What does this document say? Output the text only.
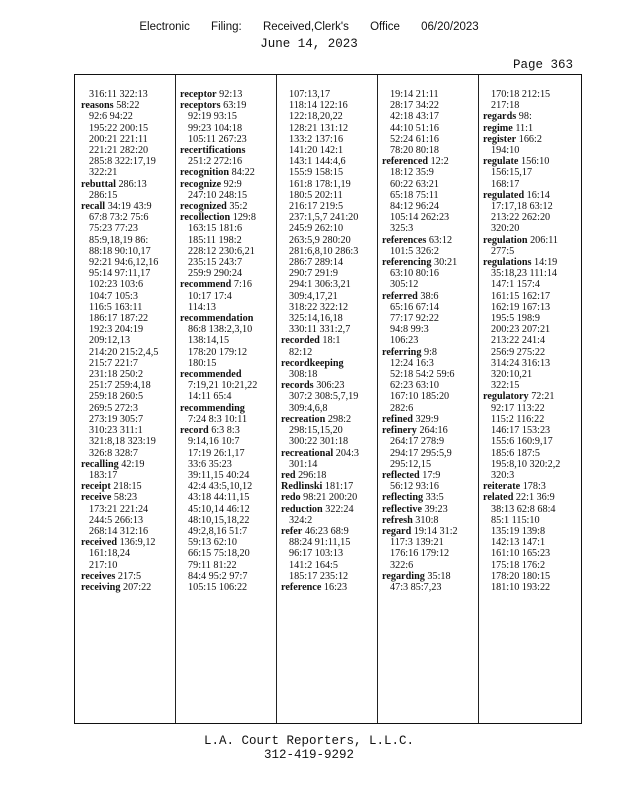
Electronic Filing: Received,Clerk's Office 06/20/2023
June 14, 2023
Page 363
316:11 322:13
reasons 58:22
92:6 94:22
195:22 200:15
200:21 221:11
221:21 282:20
285:8 322:17,19
322:21
rebuttal 286:13
286:15
recall 34:19 43:9
67:8 73:2 75:6
75:23 77:23
85:9,18,19 86:
88:18 90:10,17
92:21 94:6,12,16
95:14 97:11,17
102:23 103:6
104:7 105:3
116:5 163:11
186:17 187:22
192:3 204:19
209:12,13
214:20 215:2,4,5
215:7 221:7
231:18 250:2
251:7 259:4,18
259:18 260:5
269:5 272:3
273:19 305:7
310:23 311:1
321:8,18 323:19
326:8 328:7
recalling 42:19
183:17
receipt 218:15
receive 58:23
173:21 221:24
244:5 266:13
268:14 312:16
received 136:9,12
161:18,24
217:10
receives 217:5
receiving 207:22
receptor 92:13
receptors 63:19
92:19 93:15
99:23 104:18
105:11 267:23
recertifications
251:2 272:16
recognition 84:22
recognize 92:9
247:10 248:15
recognized 35:2
recollection 129:8
163:15 181:6
185:11 198:2
228:12 230:6,21
235:15 243:7
259:9 290:24
recommend 7:16
10:17 17:4
114:13
recommendation
86:8 138:2,3,10
138:14,15
178:20 179:12
180:15
recommended
7:19,21 10:21,22
14:11 65:4
recommending
7:24 8:3 10:11
record 6:3 8:3
9:14,16 10:7
17:19 26:1,17
33:6 35:23
39:11,15 40:24
42:4 43:5,10,12
43:18 44:11,15
45:10,14 46:12
48:10,15,18,22
49:2,8,16 51:7
59:13 62:10
66:15 75:18,20
79:11 81:22
84:4 95:2 97:7
105:15 106:22
107:13,17
118:14 122:16
122:18,20,22
128:21 131:12
133:2 137:16
141:20 142:1
143:1 144:4,6
155:9 158:15
161:8 178:1,19
180:5 202:11
216:17 219:5
237:1,5,7 241:20
245:9 262:10
263:5,9 280:20
281:6,8,10 286:3
286:7 289:14
290:7 291:9
294:1 306:3,21
309:4,17,21
318:22 322:12
325:14,16,18
330:11 331:2,7
recorded 18:1
82:12
recordkeeping
308:18
records 306:23
307:2 308:5,7,19
309:4,6,8
recreation 298:2
298:15,15,20
300:22 301:18
recreational 204:3
301:14
red 296:18
Redlinski 181:17
redo 98:21 200:20
reduction 322:24
324:2
refer 46:23 68:9
88:24 91:11,15
96:17 103:13
141:2 164:5
185:17 235:12
reference 16:23
19:14 21:11
28:17 34:22
42:18 43:17
44:10 51:16
52:24 61:16
78:20 80:18
referenced 12:2
18:12 35:9
60:22 63:21
65:18 75:11
84:12 96:24
105:14 262:23
325:3
references 63:12
101:5 326:2
referencing 30:21
63:10 80:16
305:12
referred 38:6
65:16 67:14
77:17 92:22
94:8 99:3
106:23
referring 9:8
12:24 16:3
52:18 54:2 59:6
62:23 63:10
167:10 185:20
282:6
refined 329:9
refinery 264:16
264:17 278:9
294:17 295:5,9
295:12,15
reflected 17:9
56:12 93:16
reflecting 33:5
reflective 39:23
refresh 310:8
regard 19:14 31:2
117:3 139:21
176:16 179:12
322:6
regarding 35:18
47:3 85:7,23
170:18 212:15
217:18
regards 98:
regime 11:1
register 166:2
194:10
regulate 156:10
156:15,17
168:17
regulated 16:14
17:17,18 63:12
213:22 262:20
320:20
regulation 206:11
277:5
regulations 14:19
35:18,23 111:14
147:1 157:4
161:15 162:17
162:19 167:13
195:5 198:9
200:23 207:21
213:22 241:4
256:9 275:22
314:24 316:13
320:10,21
322:15
regulatory 72:21
92:17 113:22
115:2 116:22
146:17 153:23
155:6 160:9,17
185:6 187:5
195:8,10 320:2,2
320:3
reiterate 178:3
related 22:1 36:9
38:13 62:8 68:4
85:1 115:10
135:19 139:8
142:13 147:1
161:10 165:23
175:18 176:2
178:20 180:15
181:10 193:22
L.A. Court Reporters, L.L.C.
312-419-9292
